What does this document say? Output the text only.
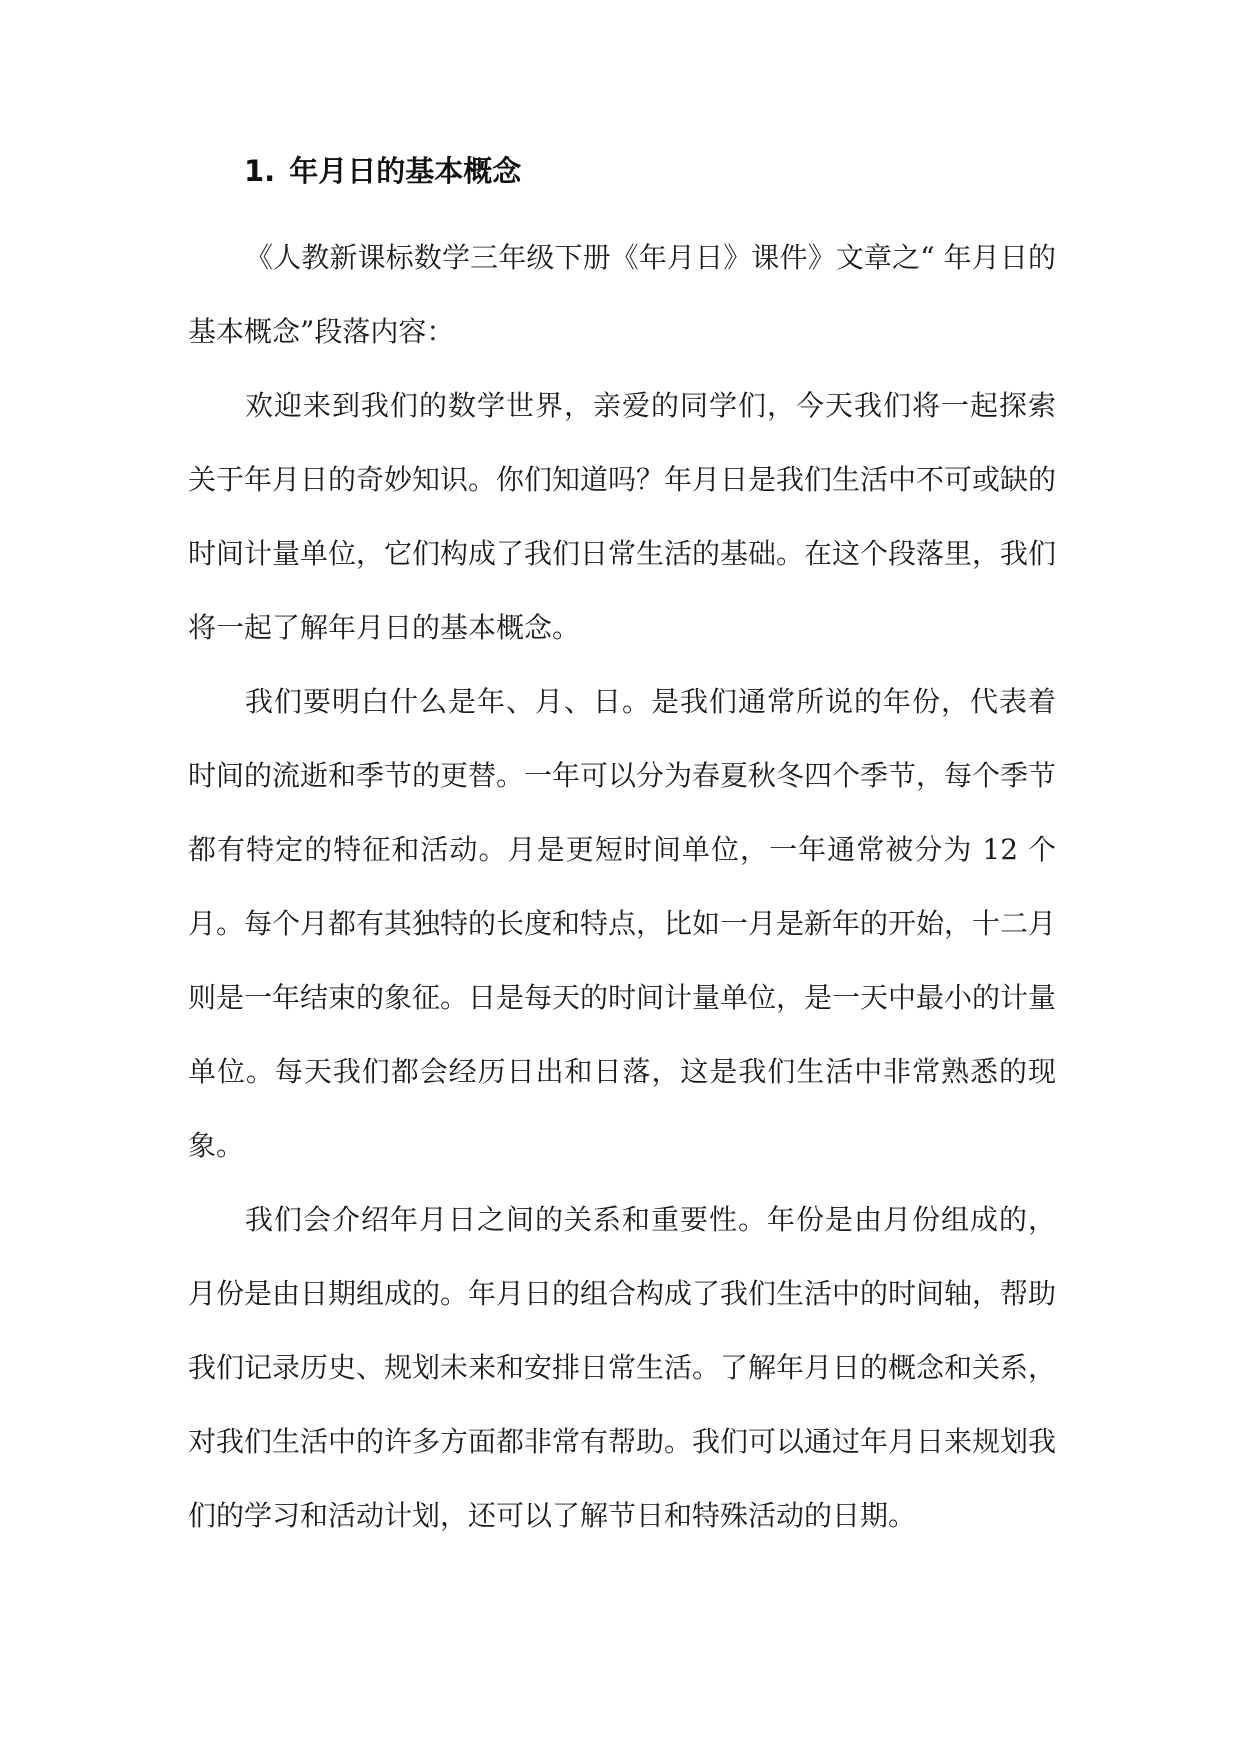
1. 年月日的基本概念

《人教新课标数学三年级下册《年月日》课件》文章之“ 年月日的基本概念”段落内容：

欢迎来到我们的数学世界，亲爱的同学们，今天我们将一起探索关于年月日的奇妙知识。你们知道吗？年月日是我们生活中不可或缺的时间计量单位，它们构成了我们日常生活的基础。在这个段落里，我们将一起了解年月日的基本概念。

我们要明白什么是年、月、日。是我们通常所说的年份，代表着时间的流逝和季节的更替。一年可以分为春夏秋冬四个季节，每个季节都有特定的特征和活动。月是更短时间单位，一年通常被分为 12 个月。每个月都有其独特的长度和特点，比如一月是新年的开始，十二月则是一年结束的象征。日是每天的时间计量单位，是一天中最小的计量单位。每天我们都会经历日出和日落，这是我们生活中非常熟悉的现象。

我们会介绍年月日之间的关系和重要性。年份是由月份组成的，月份是由日期组成的。年月日的组合构成了我们生活中的时间轴，帮助我们记录历史、规划未来和安排日常生活。了解年月日的概念和关系，对我们生活中的许多方面都非常有帮助。我们可以通过年月日来规划我们的学习和活动计划，还可以了解节日和特殊活动的日期。
